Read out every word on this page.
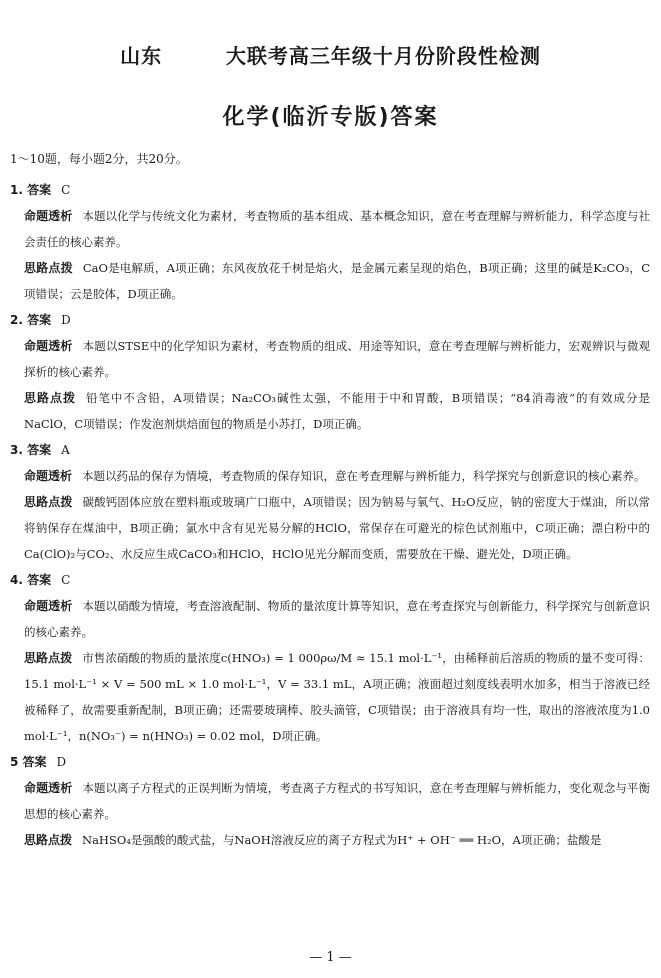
山东        大联考高三年级十月份阶段性检测
化学(临沂专版)答案
1～10题，每小题2分，共20分。
1. 答案 C
命题透析 本题以化学与传统文化为素材，考查物质的基本组成、基本概念知识，意在考查理解与辨析能力，科学态度与社会责任的核心素养。
思路点拨 CaO是电解质，A项正确；东风夜放花千树是焰火，是金属元素呈现的焰色，B项正确；这里的碱是K₂CO₃，C项错误；云是胶体，D项正确。
2. 答案 D
命题透析 本题以STSE中的化学知识为素材，考查物质的组成、用途等知识，意在考查理解与辨析能力，宏观辨识与微观探析的核心素养。
思路点拨 铅笔中不含铅，A项错误；Na₂CO₃碱性太强，不能用于中和胃酸，B项错误；“84消毒液”的有效成分是NaClO，C项错误；作发泡剂烘焙面包的物质是小苏打，D项正确。
3. 答案 A
命题透析 本题以药品的保存为情境，考查物质的保存知识，意在考查理解与辨析能力，科学探究与创新意识的核心素养。
思路点拨 碳酸钙固体应放在塑料瓶或玻璃广口瓶中，A项错误；因为钠易与氧气、H₂O反应，钠的密度大于煤油，所以常将钠保存在煤油中，B项正确；氯水中含有见光易分解的HClO，常保存在可避光的棕色试剂瓶中，C项正确；漂白粉中的Ca(ClO)₂与CO₂、水反应生成CaCO₃和HClO，HClO见光分解而变质，需要放在干燥、避光处，D项正确。
4. 答案 C
命题透析 本题以硝酸为情境，考查溶液配制、物质的量浓度计算等知识，意在考查探究与创新能力，科学探究与创新意识的核心素养。
思路点拨 市售浓硝酸的物质的量浓度c(HNO₃) = 1 000ρω/M ≈ 15.1 mol·L⁻¹，由稀释前后溶质的物质的量不变可得：15.1 mol·L⁻¹ × V = 500 mL × 1.0 mol·L⁻¹，V = 33.1 mL，A项正确；液面超过刻度线表明水加多，相当于溶液已经被稀释了，故需要重新配制，B项正确；还需要玻璃棒、胶头滴管，C项错误；由于溶液具有均一性，取出的溶液浓度为1.0 mol·L⁻¹，n(NO₃⁻) = n(HNO₃) = 0.02 mol，D项正确。
5 答案 D
命题透析 本题以离子方程式的正误判断为情境，考查离子方程式的书写知识，意在考查理解与辨析能力，变化观念与平衡思想的核心素养。
思路点拨 NaHSO₄是强酸的酸式盐，与NaOH溶液反应的离子方程式为H⁺ + OH⁻ ══ H₂O，A项正确；盐酸是
— 1 —
